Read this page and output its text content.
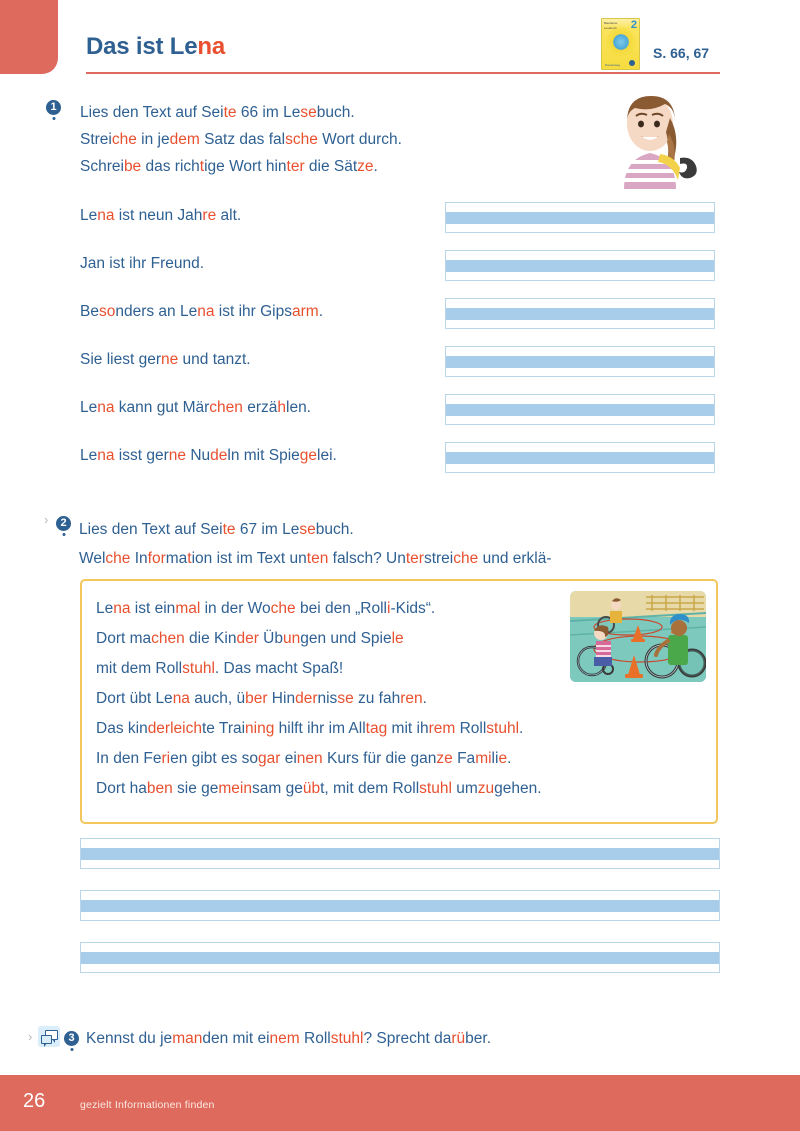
Das ist Lena
Bausteine
Lesebuch 2
Diesterweg
S. 66, 67
1 Lies den Text auf Seite 66 im Lesebuch.
Streiche in jedem Satz das falsche Wort durch.
Schreibe das richtige Wort hinter die Sätze.
Lena ist neun Jahre alt.
Jan ist ihr Freund.
Besonders an Lena ist ihr Gipsarm.
Sie liest gerne und tanzt.
Lena kann gut Märchen erzählen.
Lena isst gerne Nudeln mit Spiegelei.
›	2 Lies den Text auf Seite 67 im Lesebuch.
Welche Information ist im Text unten falsch? Unterstreiche und erklä-
Lena ist einmal in der Woche bei den „Rolli-Kids“.
Dort machen die Kinder Übungen und Spiele
mit dem Rollstuhl. Das macht Spaß!
Dort übt Lena auch, über Hindernisse zu fahren.
Das kinderleichte Training hilft ihr im Alltag mit ihrem Rollstuhl.
In den Ferien gibt es sogar einen Kurs für die ganze Familie.
Dort haben sie gemeinsam geübt, mit dem Rollstuhl umzugehen.
›	3 Kennst du jemanden mit einem Rollstuhl? Sprecht darüber.
26	gezielt Informationen finden
